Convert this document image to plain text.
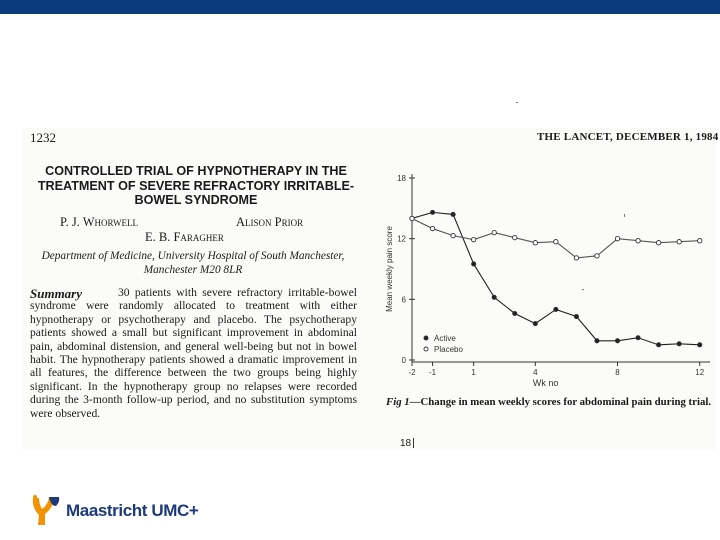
1232	THE LANCET, DECEMBER 1, 1984
CONTROLLED TRIAL OF HYPNOTHERAPY IN THE TREATMENT OF SEVERE REFRACTORY IRRITABLE-BOWEL SYNDROME
P. J. Whorwell	Alison Prior
E. B. Faragher
Department of Medicine, University Hospital of South Manchester, Manchester M20 8LR
Summary	30 patients with severe refractory irritable-bowel syndrome were randomly allocated to treatment with either hypnotherapy or psychotherapy and placebo. The psychotherapy patients showed a small but significant improvement in abdominal pain, abdominal distension, and general well-being but not in bowel habit. The hypnotherapy patients showed a dramatic improvement in all features, the difference between the two groups being highly significant. In the hypnotherapy group no relapses were recorded during the 3-month follow-up period, and no substitution symptoms were observed.

0
6
12
18
-2 -1	1	4	8	12
Wk no
Mean weekly pain score
Active
Placebo
Fig 1—Change in mean weekly scores for abdominal pain during trial.
18
Maastricht UMC+
